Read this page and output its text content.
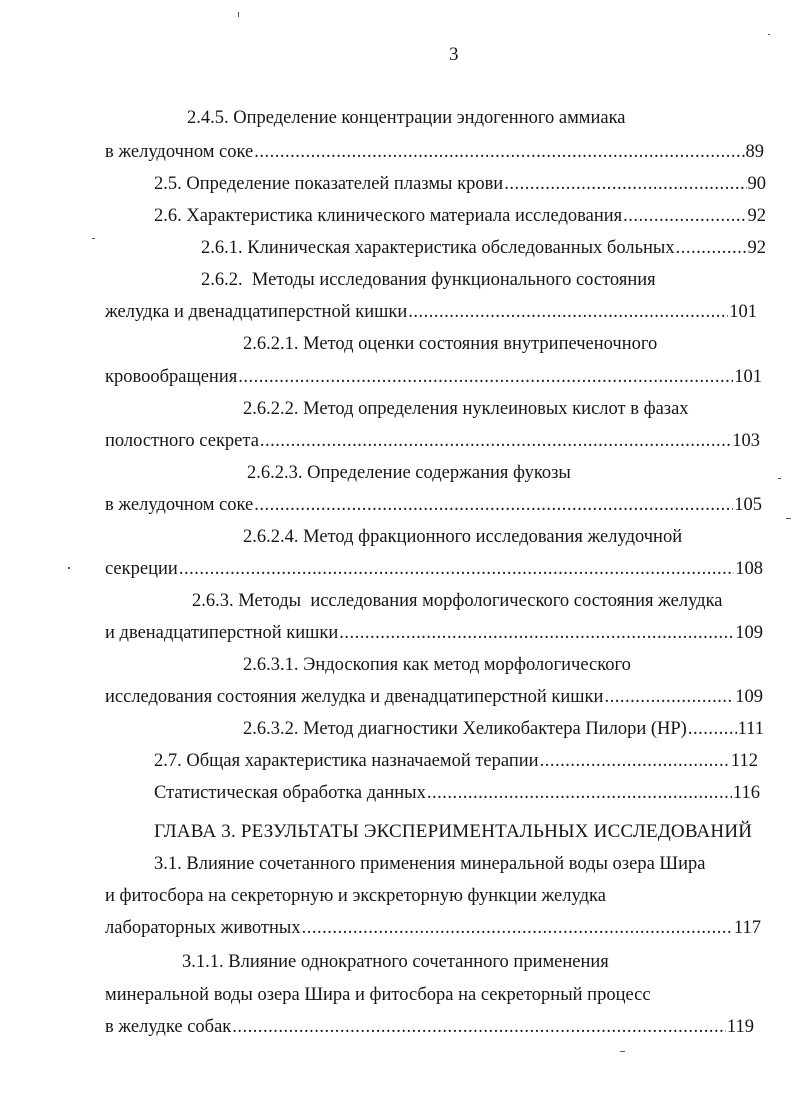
3
2.4.5. Определение концентрации эндогенного аммиака
в желудочном соке .....	89
2.5. Определение показателей плазмы крови .....	90
2.6. Характеристика клинического материала исследования .....	92
2.6.1. Клиническая характеристика обследованных больных .....	92
2.6.2.  Методы исследования функционального состояния
желудка и двенадцатиперстной кишки .....	101
2.6.2.1. Метод оценки состояния внутрипеченочного
кровообращения .....	101
2.6.2.2. Метод определения нуклеиновых кислот в фазах
полостного секрета .....	103
2.6.2.3. Определение содержания фукозы
в желудочном соке .....	105
2.6.2.4. Метод фракционного исследования желудочной
секреции .....	108
2.6.3. Методы  исследования морфологического состояния желудка
и двенадцатиперстной кишки .....	109
2.6.3.1. Эндоскопия как метод морфологического
исследования состояния желудка и двенадцатиперстной кишки .....	109
2.6.3.2. Метод диагностики Хеликобактера Пилори (НР) .....	111
2.7. Общая характеристика назначаемой терапии .....	112
Статистическая обработка данных .....	116
ГЛАВА 3. РЕЗУЛЬТАТЫ ЭКСПЕРИМЕНТАЛЬНЫХ ИССЛЕДОВАНИЙ
3.1. Влияние сочетанного применения минеральной воды озера Шира
и фитосбора на секреторную и экскреторную функции желудка
лабораторных животных .....	117
3.1.1. Влияние однократного сочетанного применения
минеральной воды озера Шира и фитосбора на секреторный процесс
в желудке собак .....	119
